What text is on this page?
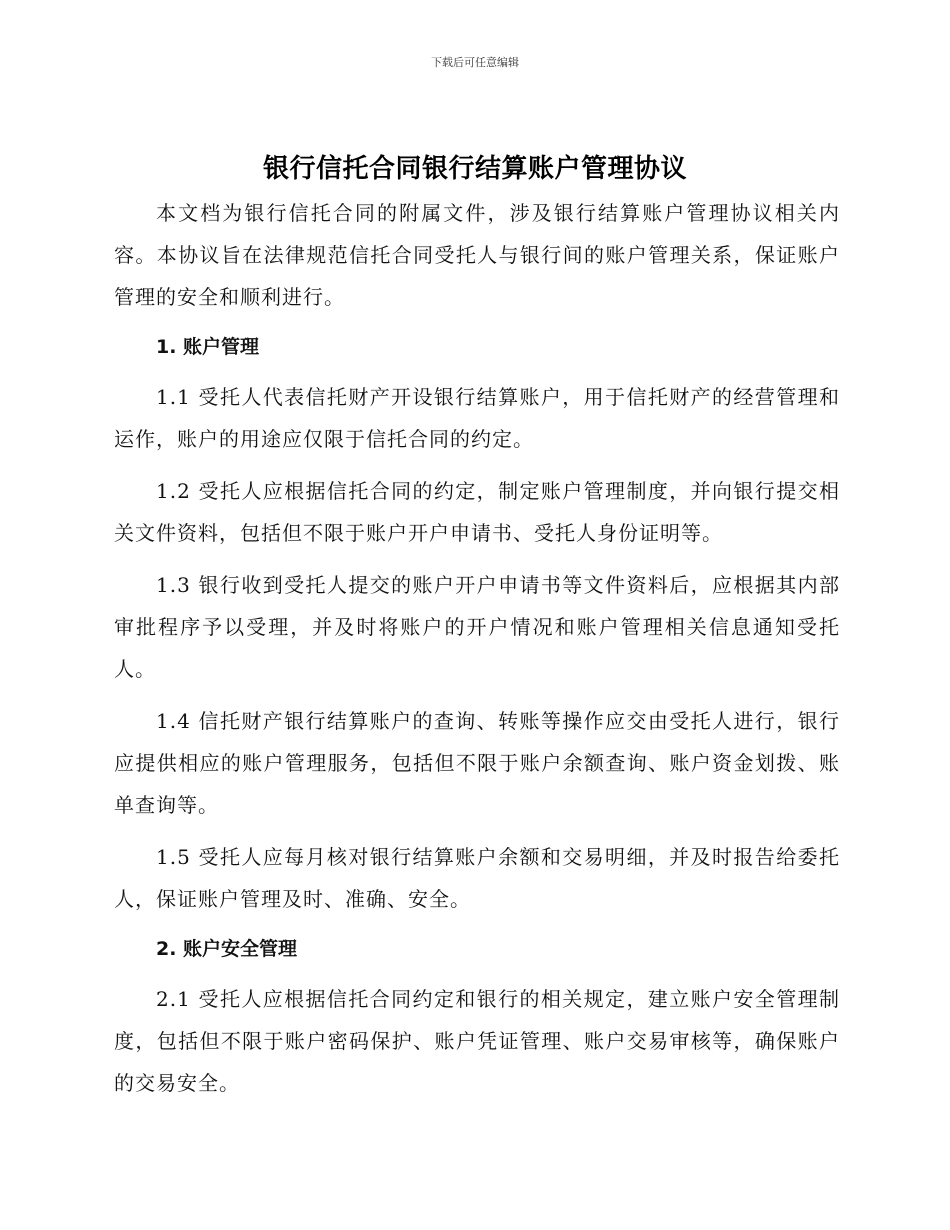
下载后可任意编辑
银行信托合同银行结算账户管理协议

本文档为银行信托合同的附属文件，涉及银行结算账户管理协议相关内容。本协议旨在法律规范信托合同受托人与银行间的账户管理关系，保证账户管理的安全和顺利进行。

1. 账户管理

1.1 受托人代表信托财产开设银行结算账户，用于信托财产的经营管理和运作，账户的用途应仅限于信托合同的约定。

1.2 受托人应根据信托合同的约定，制定账户管理制度，并向银行提交相关文件资料，包括但不限于账户开户申请书、受托人身份证明等。

1.3 银行收到受托人提交的账户开户申请书等文件资料后，应根据其内部审批程序予以受理，并及时将账户的开户情况和账户管理相关信息通知受托人。

1.4 信托财产银行结算账户的查询、转账等操作应交由受托人进行，银行应提供相应的账户管理服务，包括但不限于账户余额查询、账户资金划拨、账单查询等。

1.5 受托人应每月核对银行结算账户余额和交易明细，并及时报告给委托人，保证账户管理及时、准确、安全。

2. 账户安全管理

2.1 受托人应根据信托合同约定和银行的相关规定，建立账户安全管理制度，包括但不限于账户密码保护、账户凭证管理、账户交易审核等，确保账户的交易安全。
